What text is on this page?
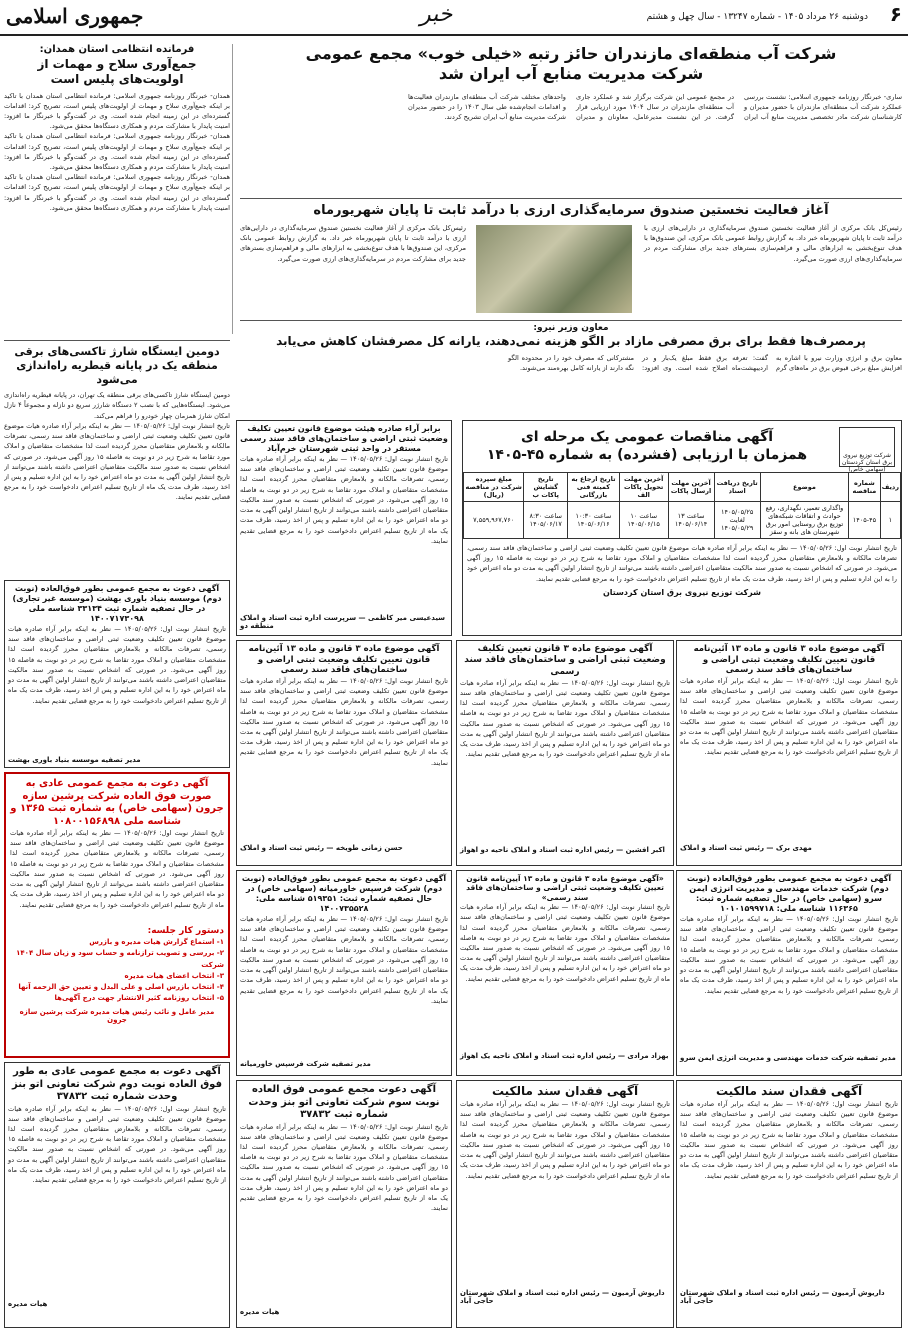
۶
دوشنبه ۲۶ مرداد ۱۴۰۵ - شماره ۱۳۲۴۷ - سال چهل و هشتم
خبر
جمهوری اسلامی
شرکت آب منطقه‌ای مازندران حائز رتبه «خیلی خوب» مجمع عمومی
شرکت مدیریت منابع آب ایران شد
ساری- خبرنگار روزنامه جمهوری اسلامی: نشست بررسی عملکرد شرکت آب منطقه‌ای مازندران با حضور مدیران و کارشناسان شرکت مادر تخصصی مدیریت منابع آب ایران در مجمع عمومی این شرکت برگزار شد و عملکرد جاری آب منطقه‌ای مازندران در سال ۱۴۰۴ مورد ارزیابی قرار گرفت. در این نشست مدیرعامل، معاونان و مدیران واحدهای مختلف شرکت آب منطقه‌ای مازندران فعالیت‌ها و اقدامات انجام‌شده طی سال ۱۴۰۳ را در حضور مدیران شرکت مدیریت منابع آب ایران تشریح کردند.
فرمانده انتظامی استان همدان:
جمع‌آوری سلاح و مهمات از اولویت‌های پلیس است
همدان- خبرنگار روزنامه جمهوری اسلامی: فرمانده انتظامی استان همدان با تاکید بر اینکه جمع‌آوری سلاح و مهمات از اولویت‌های پلیس است، تصریح کرد: اقدامات گسترده‌ای در این زمینه انجام شده است. وی در گفت‌وگو با خبرنگار ما افزود: امنیت پایدار با مشارکت مردم و همکاری دستگاه‌ها محقق می‌شود.
همدان- خبرنگار روزنامه جمهوری اسلامی: فرمانده انتظامی استان همدان با تاکید بر اینکه جمع‌آوری سلاح و مهمات از اولویت‌های پلیس است، تصریح کرد: اقدامات گسترده‌ای در این زمینه انجام شده است. وی در گفت‌وگو با خبرنگار ما افزود: امنیت پایدار با مشارکت مردم و همکاری دستگاه‌ها محقق می‌شود.
همدان- خبرنگار روزنامه جمهوری اسلامی: فرمانده انتظامی استان همدان با تاکید بر اینکه جمع‌آوری سلاح و مهمات از اولویت‌های پلیس است، تصریح کرد: اقدامات گسترده‌ای در این زمینه انجام شده است. وی در گفت‌وگو با خبرنگار ما افزود: امنیت پایدار با مشارکت مردم و همکاری دستگاه‌ها محقق می‌شود.	آغاز فعالیت نخستین صندوق سرمایه‌گذاری ارزی با درآمد ثابت تا پایان شهریورماه
رئیس‌کل بانک مرکزی از آغاز فعالیت نخستین صندوق سرمایه‌گذاری در دارایی‌های ارزی با درآمد ثابت تا پایان شهریورماه خبر داد. به گزارش روابط عمومی بانک مرکزی، این صندوق‌ها با هدف تنوع‌بخشی به ابزارهای مالی و فراهم‌سازی بسترهای جدید برای مشارکت مردم در سرمایه‌گذاری‌های ارزی صورت می‌گیرد.
رئیس‌کل بانک مرکزی از آغاز فعالیت نخستین صندوق سرمایه‌گذاری در دارایی‌های ارزی با درآمد ثابت تا پایان شهریورماه خبر داد. به گزارش روابط عمومی بانک مرکزی، این صندوق‌ها با هدف تنوع‌بخشی به ابزارهای مالی و فراهم‌سازی بسترهای جدید برای مشارکت مردم در سرمایه‌گذاری‌های ارزی صورت می‌گیرد.
معاون وزیر نیرو:
پرمصرف‌ها فقط برای برق مصرفی مازاد بر الگو هزینه نمی‌دهند، یارانه کل مصرفشان کاهش می‌یابد
معاون برق و انرژی وزارت نیرو با اشاره به افزایش مبلغ برخی قبوض برق در ماه‌های گرم گفت: تعرفه برق فقط مبلغ یک‌بار و در اردیبهشت‌ماه اصلاح شده است. وی افزود: مشترکانی که مصرف خود را در محدوده الگو نگه دارند از یارانه کامل بهره‌مند می‌شوند.
دومین ایستگاه شارژ تاکسی‌های برقی منطقه یک در پایانه قیطریه راه‌اندازی می‌شود
دومین ایستگاه شارژ تاکسی‌های برقی منطقه یک تهران، در پایانه قیطریه راه‌اندازی می‌شود. ایستگاه‌هایی که با نصب ۲ دستگاه شارژر سریع دو نازله و مجموعاً ۴ نازل امکان شارژ همزمان چهار خودرو را فراهم می‌کند.
تاریخ انتشار نوبت اول: ۱۴۰۵/۰۵/۲۶ — نظر به اینکه برابر آراء صادره هیات موضوع قانون تعیین تکلیف وضعیت ثبتی اراضی و ساختمان‌های فاقد سند رسمی، تصرفات مالکانه و بلامعارض متقاضیان محرز گردیده است لذا مشخصات متقاضیان و املاک مورد تقاضا به شرح زیر در دو نوبت به فاصله ۱۵ روز آگهی می‌شود. در صورتی که اشخاص نسبت به صدور سند مالکیت متقاضیان اعتراضی داشته باشند می‌توانند از تاریخ انتشار اولین آگهی به مدت دو ماه اعتراض خود را به این اداره تسلیم و پس از اخذ رسید، ظرف مدت یک ماه از تاریخ تسلیم اعتراض دادخواست خود را به مرجع قضایی تقدیم نمایند.
شرکت توزیع نیروی برق استان کردستان (سهامی خاص)
آگهی مناقصات عمومی یک مرحله ای
همزمان با ارزیابی (فشرده) به شماره ۴۵-۱۴۰۵
ردیف	شماره مناقصه	موضوع	تاریخ دریافت اسناد	آخرین مهلت ارسال پاکات	آخرین مهلت تحویل پاکات الف	تاریخ ارجاع به کمیته فنی بازرگانی	تاریخ گشایش پاکات ب	مبلغ سپرده شرکت در مناقصه (ریال)
۱	۱۴۰۵-۴۵	واگذاری تعمیر، نگهداری، رفع حوادث و اتفاقات شبکه‌های توزیع برق روستایی امور برق شهرستان های بانه و سقز	۱۴۰۵/۰۵/۲۵ لغایت ۱۴۰۵/۰۵/۲۹	ساعت ۱۳ ۱۴۰۵/۰۶/۱۴	ساعت ۱۰ ۱۴۰۵/۰۶/۱۵	ساعت ۱۰:۳۰ ۱۴۰۵/۰۶/۱۶	ساعت ۸:۳۰ ۱۴۰۵/۰۶/۱۷	۷,۵۵۹,۹۶۷,۷۶۰
تاریخ انتشار نوبت اول: ۱۴۰۵/۰۵/۲۶ — نظر به اینکه برابر آراء صادره هیات موضوع قانون تعیین تکلیف وضعیت ثبتی اراضی و ساختمان‌های فاقد سند رسمی، تصرفات مالکانه و بلامعارض متقاضیان محرز گردیده است لذا مشخصات متقاضیان و املاک مورد تقاضا به شرح زیر در دو نوبت به فاصله ۱۵ روز آگهی می‌شود. در صورتی که اشخاص نسبت به صدور سند مالکیت متقاضیان اعتراضی داشته باشند می‌توانند از تاریخ انتشار اولین آگهی به مدت دو ماه اعتراض خود را به این اداره تسلیم و پس از اخذ رسید، ظرف مدت یک ماه از تاریخ تسلیم اعتراض دادخواست خود را به مرجع قضایی تقدیم نمایند.
شرکت توزیع نیروی برق استان کردستان
برابر آراء صادره هیئت موضوع قانون تعیین تکلیف وضعیت ثبتی اراضی و ساختمان‌های فاقد سند رسمی مستقر در واحد ثبتی شهرستان خرم‌آباد
تاریخ انتشار نوبت اول: ۱۴۰۵/۰۵/۲۶ — نظر به اینکه برابر آراء صادره هیات موضوع قانون تعیین تکلیف وضعیت ثبتی اراضی و ساختمان‌های فاقد سند رسمی، تصرفات مالکانه و بلامعارض متقاضیان محرز گردیده است لذا مشخصات متقاضیان و املاک مورد تقاضا به شرح زیر در دو نوبت به فاصله ۱۵ روز آگهی می‌شود. در صورتی که اشخاص نسبت به صدور سند مالکیت متقاضیان اعتراضی داشته باشند می‌توانند از تاریخ انتشار اولین آگهی به مدت دو ماه اعتراض خود را به این اداره تسلیم و پس از اخذ رسید، ظرف مدت یک ماه از تاریخ تسلیم اعتراض دادخواست خود را به مرجع قضایی تقدیم نمایند.
سیدعیسی میر کاظمی — سرپرست اداره ثبت اسناد و املاک منطقه دو
آگهی دعوت به مجمع عمومی بطور فوق‌العاده (نوبت دوم) موسسه بنیاد باوری بهشت (موسسه غیر تجاری) در حال تصفیه شماره ثبت ۳۳۱۳۴ شناسه ملی ۱۴۰۰۷۱۷۳۰۹۸
تاریخ انتشار نوبت اول: ۱۴۰۵/۰۵/۲۶ — نظر به اینکه برابر آراء صادره هیات موضوع قانون تعیین تکلیف وضعیت ثبتی اراضی و ساختمان‌های فاقد سند رسمی، تصرفات مالکانه و بلامعارض متقاضیان محرز گردیده است لذا مشخصات متقاضیان و املاک مورد تقاضا به شرح زیر در دو نوبت به فاصله ۱۵ روز آگهی می‌شود. در صورتی که اشخاص نسبت به صدور سند مالکیت متقاضیان اعتراضی داشته باشند می‌توانند از تاریخ انتشار اولین آگهی به مدت دو ماه اعتراض خود را به این اداره تسلیم و پس از اخذ رسید، ظرف مدت یک ماه از تاریخ تسلیم اعتراض دادخواست خود را به مرجع قضایی تقدیم نمایند.
مدیر تصفیه موسسه بنیاد باوری بهشت
آگهی دعوت به مجمع عمومی عادی به صورت فوق العاده شرکت پرشین سازه جرون (سهامی خاص) به شماره ثبت ۱۳۶۵ و شناسه ملی ۱۰۸۰۰۱۵۶۸۹۸
تاریخ انتشار نوبت اول: ۱۴۰۵/۰۵/۲۶ — نظر به اینکه برابر آراء صادره هیات موضوع قانون تعیین تکلیف وضعیت ثبتی اراضی و ساختمان‌های فاقد سند رسمی، تصرفات مالکانه و بلامعارض متقاضیان محرز گردیده است لذا مشخصات متقاضیان و املاک مورد تقاضا به شرح زیر در دو نوبت به فاصله ۱۵ روز آگهی می‌شود. در صورتی که اشخاص نسبت به صدور سند مالکیت متقاضیان اعتراضی داشته باشند می‌توانند از تاریخ انتشار اولین آگهی به مدت دو ماه اعتراض خود را به این اداره تسلیم و پس از اخذ رسید، ظرف مدت یک ماه از تاریخ تسلیم اعتراض دادخواست خود را به مرجع قضایی تقدیم نمایند.
دستور کار جلسه:
۱- استماع گزارش هیات مدیره و بازرس
۲- بررسی و تصویب ترازنامه و حساب سود و زیان سال ۱۴۰۴ شرکت
۳- انتخاب اعضای هیات مدیره
۴- انتخاب بازرس اصلی و علی البدل و تعیین حق الزحمه آنها
۵- انتخاب روزنامه کثیر الانتشار جهت درج آگهی‌ها
مدیر عامل و نائب رئیس هیات مدیره شرکت پرشین سازه جرون
آگهی دعوت به مجمع عمومی عادی به طور فوق العاده نوبت دوم شرکت تعاونی اتو بنز وحدت شماره ثبت ۳۷۸۳۲
تاریخ انتشار نوبت اول: ۱۴۰۵/۰۵/۲۶ — نظر به اینکه برابر آراء صادره هیات موضوع قانون تعیین تکلیف وضعیت ثبتی اراضی و ساختمان‌های فاقد سند رسمی، تصرفات مالکانه و بلامعارض متقاضیان محرز گردیده است لذا مشخصات متقاضیان و املاک مورد تقاضا به شرح زیر در دو نوبت به فاصله ۱۵ روز آگهی می‌شود. در صورتی که اشخاص نسبت به صدور سند مالکیت متقاضیان اعتراضی داشته باشند می‌توانند از تاریخ انتشار اولین آگهی به مدت دو ماه اعتراض خود را به این اداره تسلیم و پس از اخذ رسید، ظرف مدت یک ماه از تاریخ تسلیم اعتراض دادخواست خود را به مرجع قضایی تقدیم نمایند.
هیات مدیره
آگهی موضوع ماده ۳ قانون و ماده ۱۳ آئین‌نامه قانون تعیین تکلیف وضعیت ثبتی اراضی و ساختمان‌های فاقد سند رسمی
تاریخ انتشار نوبت اول: ۱۴۰۵/۰۵/۲۶ — نظر به اینکه برابر آراء صادره هیات موضوع قانون تعیین تکلیف وضعیت ثبتی اراضی و ساختمان‌های فاقد سند رسمی، تصرفات مالکانه و بلامعارض متقاضیان محرز گردیده است لذا مشخصات متقاضیان و املاک مورد تقاضا به شرح زیر در دو نوبت به فاصله ۱۵ روز آگهی می‌شود. در صورتی که اشخاص نسبت به صدور سند مالکیت متقاضیان اعتراضی داشته باشند می‌توانند از تاریخ انتشار اولین آگهی به مدت دو ماه اعتراض خود را به این اداره تسلیم و پس از اخذ رسید، ظرف مدت یک ماه از تاریخ تسلیم اعتراض دادخواست خود را به مرجع قضایی تقدیم نمایند.
حسن زمانی طویخه — رئیس ثبت اسناد و املاک
آگهی موضوع ماده ۳ قانون تعیین تکلیف وضعیت ثبتی اراضی و ساختمان‌های فاقد سند رسمی
تاریخ انتشار نوبت اول: ۱۴۰۵/۰۵/۲۶ — نظر به اینکه برابر آراء صادره هیات موضوع قانون تعیین تکلیف وضعیت ثبتی اراضی و ساختمان‌های فاقد سند رسمی، تصرفات مالکانه و بلامعارض متقاضیان محرز گردیده است لذا مشخصات متقاضیان و املاک مورد تقاضا به شرح زیر در دو نوبت به فاصله ۱۵ روز آگهی می‌شود. در صورتی که اشخاص نسبت به صدور سند مالکیت متقاضیان اعتراضی داشته باشند می‌توانند از تاریخ انتشار اولین آگهی به مدت دو ماه اعتراض خود را به این اداره تسلیم و پس از اخذ رسید، ظرف مدت یک ماه از تاریخ تسلیم اعتراض دادخواست خود را به مرجع قضایی تقدیم نمایند.
اکبر افشین — رئیس اداره ثبت اسناد و املاک ناحیه دو اهواز
آگهی موضوع ماده ۳ قانون و ماده ۱۳ آئین‌نامه قانون تعیین تکلیف وضعیت ثبتی اراضی و ساختمان‌های فاقد سند رسمی
تاریخ انتشار نوبت اول: ۱۴۰۵/۰۵/۲۶ — نظر به اینکه برابر آراء صادره هیات موضوع قانون تعیین تکلیف وضعیت ثبتی اراضی و ساختمان‌های فاقد سند رسمی، تصرفات مالکانه و بلامعارض متقاضیان محرز گردیده است لذا مشخصات متقاضیان و املاک مورد تقاضا به شرح زیر در دو نوبت به فاصله ۱۵ روز آگهی می‌شود. در صورتی که اشخاص نسبت به صدور سند مالکیت متقاضیان اعتراضی داشته باشند می‌توانند از تاریخ انتشار اولین آگهی به مدت دو ماه اعتراض خود را به این اداره تسلیم و پس از اخذ رسید، ظرف مدت یک ماه از تاریخ تسلیم اعتراض دادخواست خود را به مرجع قضایی تقدیم نمایند.
مهدی برک — رئیس ثبت اسناد و املاک
آگهی دعوت به مجمع عمومی بطور فوق‌العاده (نوبت دوم) شرکت فرسپس خاورمیانه (سهامی خاص) در حال تصفیه شماره ثبت: ۵۱۹۳۵۱ شناسه ملی: ۱۴۰۰۷۳۵۵۲۸
تاریخ انتشار نوبت اول: ۱۴۰۵/۰۵/۲۶ — نظر به اینکه برابر آراء صادره هیات موضوع قانون تعیین تکلیف وضعیت ثبتی اراضی و ساختمان‌های فاقد سند رسمی، تصرفات مالکانه و بلامعارض متقاضیان محرز گردیده است لذا مشخصات متقاضیان و املاک مورد تقاضا به شرح زیر در دو نوبت به فاصله ۱۵ روز آگهی می‌شود. در صورتی که اشخاص نسبت به صدور سند مالکیت متقاضیان اعتراضی داشته باشند می‌توانند از تاریخ انتشار اولین آگهی به مدت دو ماه اعتراض خود را به این اداره تسلیم و پس از اخذ رسید، ظرف مدت یک ماه از تاریخ تسلیم اعتراض دادخواست خود را به مرجع قضایی تقدیم نمایند.
مدیر تصفیه شرکت فرسپس خاورمیانه
«آگهی موضوع ماده ۳ قانون و ماده ۱۳ آیین‌نامه قانون تعیین تکلیف وضعیت ثبتی اراضی و ساختمان‌های فاقد سند رسمی»
تاریخ انتشار نوبت اول: ۱۴۰۵/۰۵/۲۶ — نظر به اینکه برابر آراء صادره هیات موضوع قانون تعیین تکلیف وضعیت ثبتی اراضی و ساختمان‌های فاقد سند رسمی، تصرفات مالکانه و بلامعارض متقاضیان محرز گردیده است لذا مشخصات متقاضیان و املاک مورد تقاضا به شرح زیر در دو نوبت به فاصله ۱۵ روز آگهی می‌شود. در صورتی که اشخاص نسبت به صدور سند مالکیت متقاضیان اعتراضی داشته باشند می‌توانند از تاریخ انتشار اولین آگهی به مدت دو ماه اعتراض خود را به این اداره تسلیم و پس از اخذ رسید، ظرف مدت یک ماه از تاریخ تسلیم اعتراض دادخواست خود را به مرجع قضایی تقدیم نمایند.
بهزاد مرادی — رئیس اداره ثبت اسناد و املاک ناحیه یک اهواز
آگهی دعوت به مجمع عمومی بطور فوق‌العاده (نوبت دوم) شرکت خدمات مهندسی و مدیریت انرژی ایمن سرو (سهامی خاص) در حال تصفیه شماره ثبت: ۱۱۶۳۶۵ شناسه ملی: ۱۰۱۰۱۵۹۹۷۱۸
تاریخ انتشار نوبت اول: ۱۴۰۵/۰۵/۲۶ — نظر به اینکه برابر آراء صادره هیات موضوع قانون تعیین تکلیف وضعیت ثبتی اراضی و ساختمان‌های فاقد سند رسمی، تصرفات مالکانه و بلامعارض متقاضیان محرز گردیده است لذا مشخصات متقاضیان و املاک مورد تقاضا به شرح زیر در دو نوبت به فاصله ۱۵ روز آگهی می‌شود. در صورتی که اشخاص نسبت به صدور سند مالکیت متقاضیان اعتراضی داشته باشند می‌توانند از تاریخ انتشار اولین آگهی به مدت دو ماه اعتراض خود را به این اداره تسلیم و پس از اخذ رسید، ظرف مدت یک ماه از تاریخ تسلیم اعتراض دادخواست خود را به مرجع قضایی تقدیم نمایند.
مدیر تصفیه شرکت خدمات مهندسی و مدیریت انرژی ایمن سرو
آگهی دعوت مجمع عمومی فوق العاده نوبت سوم شرکت تعاونی اتو بنز وحدت شماره ثبت ۳۷۸۳۲
تاریخ انتشار نوبت اول: ۱۴۰۵/۰۵/۲۶ — نظر به اینکه برابر آراء صادره هیات موضوع قانون تعیین تکلیف وضعیت ثبتی اراضی و ساختمان‌های فاقد سند رسمی، تصرفات مالکانه و بلامعارض متقاضیان محرز گردیده است لذا مشخصات متقاضیان و املاک مورد تقاضا به شرح زیر در دو نوبت به فاصله ۱۵ روز آگهی می‌شود. در صورتی که اشخاص نسبت به صدور سند مالکیت متقاضیان اعتراضی داشته باشند می‌توانند از تاریخ انتشار اولین آگهی به مدت دو ماه اعتراض خود را به این اداره تسلیم و پس از اخذ رسید، ظرف مدت یک ماه از تاریخ تسلیم اعتراض دادخواست خود را به مرجع قضایی تقدیم نمایند.
هیات مدیره
آگهی فقدان سند مالکیت
تاریخ انتشار نوبت اول: ۱۴۰۵/۰۵/۲۶ — نظر به اینکه برابر آراء صادره هیات موضوع قانون تعیین تکلیف وضعیت ثبتی اراضی و ساختمان‌های فاقد سند رسمی، تصرفات مالکانه و بلامعارض متقاضیان محرز گردیده است لذا مشخصات متقاضیان و املاک مورد تقاضا به شرح زیر در دو نوبت به فاصله ۱۵ روز آگهی می‌شود. در صورتی که اشخاص نسبت به صدور سند مالکیت متقاضیان اعتراضی داشته باشند می‌توانند از تاریخ انتشار اولین آگهی به مدت دو ماه اعتراض خود را به این اداره تسلیم و پس از اخذ رسید، ظرف مدت یک ماه از تاریخ تسلیم اعتراض دادخواست خود را به مرجع قضایی تقدیم نمایند.
داریوش آرمیون — رئیس اداره ثبت اسناد و املاک شهرستان حاجی آباد
آگهی فقدان سند مالکیت
تاریخ انتشار نوبت اول: ۱۴۰۵/۰۵/۲۶ — نظر به اینکه برابر آراء صادره هیات موضوع قانون تعیین تکلیف وضعیت ثبتی اراضی و ساختمان‌های فاقد سند رسمی، تصرفات مالکانه و بلامعارض متقاضیان محرز گردیده است لذا مشخصات متقاضیان و املاک مورد تقاضا به شرح زیر در دو نوبت به فاصله ۱۵ روز آگهی می‌شود. در صورتی که اشخاص نسبت به صدور سند مالکیت متقاضیان اعتراضی داشته باشند می‌توانند از تاریخ انتشار اولین آگهی به مدت دو ماه اعتراض خود را به این اداره تسلیم و پس از اخذ رسید، ظرف مدت یک ماه از تاریخ تسلیم اعتراض دادخواست خود را به مرجع قضایی تقدیم نمایند.
داریوش آرمیون — رئیس اداره ثبت اسناد و املاک شهرستان حاجی آباد
